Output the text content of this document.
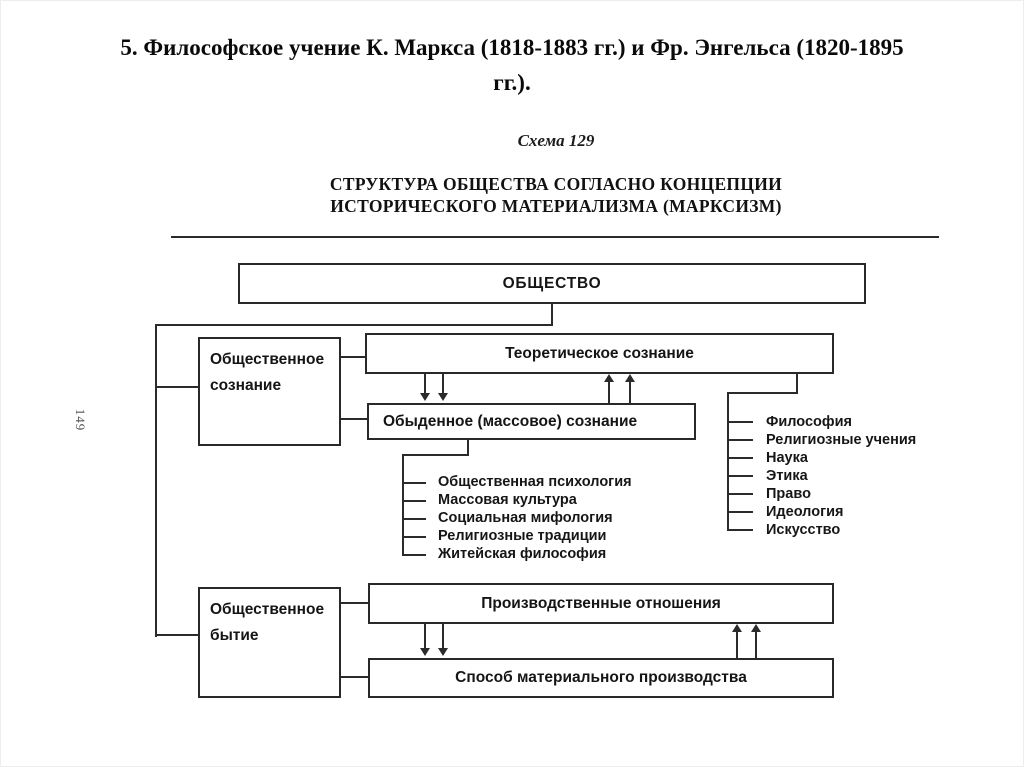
5. Философское учение К. Маркса (1818-1883 гг.) и Фр. Энгельса (1820-1895
гг.).
Схема 129
СТРУКТУРА ОБЩЕСТВА СОГЛАСНО КОНЦЕПЦИИ
ИСТОРИЧЕСКОГО МАТЕРИАЛИЗМА (МАРКСИЗМ)
149
ОБЩЕСТВО
Общественное сознание
Теоретическое сознание
Обыденное (массовое) сознание
Общественное бытие
Производственные отношения
Способ материального производства
Философия
Религиозные учения
Наука
Этика
Право
Идеология
Искусство
Общественная психология
Массовая культура
Социальная мифология
Религиозные традиции
Житейская философия
